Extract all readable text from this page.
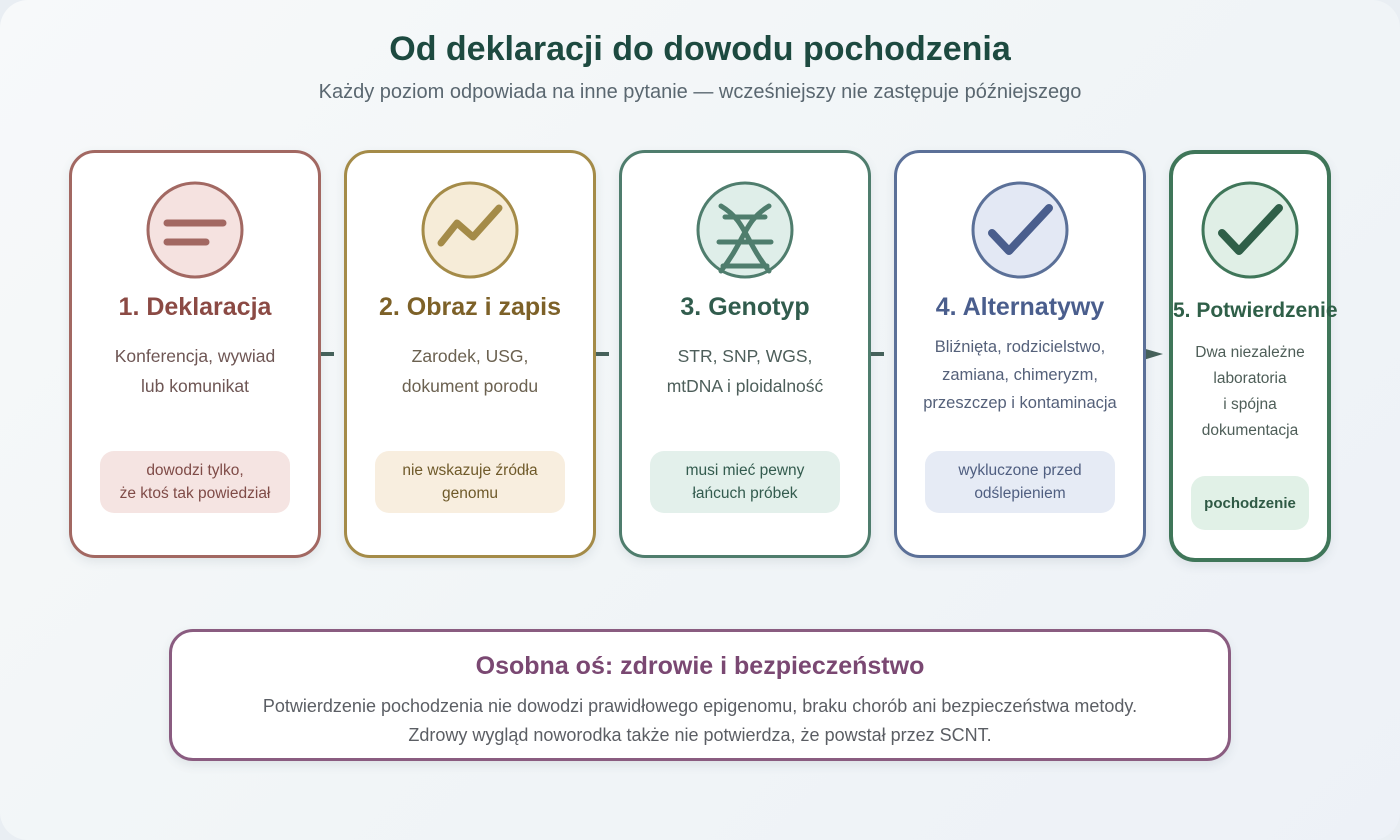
Od deklaracji do dowodu pochodzenia
Każdy poziom odpowiada na inne pytanie — wcześniejszy nie zastępuje późniejszego
1. Deklaracja
Konferencja, wywiad
lub komunikat
dowodzi tylko,
że ktoś tak powiedział
2. Obraz i zapis
Zarodek, USG,
dokument porodu
nie wskazuje źródła
genomu
3. Genotyp
STR, SNP, WGS,
mtDNA i ploidalność
musi mieć pewny
łańcuch próbek
4. Alternatywy
Bliźnięta, rodzicielstwo,
zamiana, chimeryzm,
przeszczep i kontaminacja
wykluczone przed
odślepieniem
5. Potwierdzenie
Dwa niezależne
laboratoria
i spójna
dokumentacja
pochodzenie
Osobna oś: zdrowie i bezpieczeństwo
Potwierdzenie pochodzenia nie dowodzi prawidłowego epigenomu, braku chorób ani bezpieczeństwa metody.
Zdrowy wygląd noworodka także nie potwierdza, że powstał przez SCNT.
